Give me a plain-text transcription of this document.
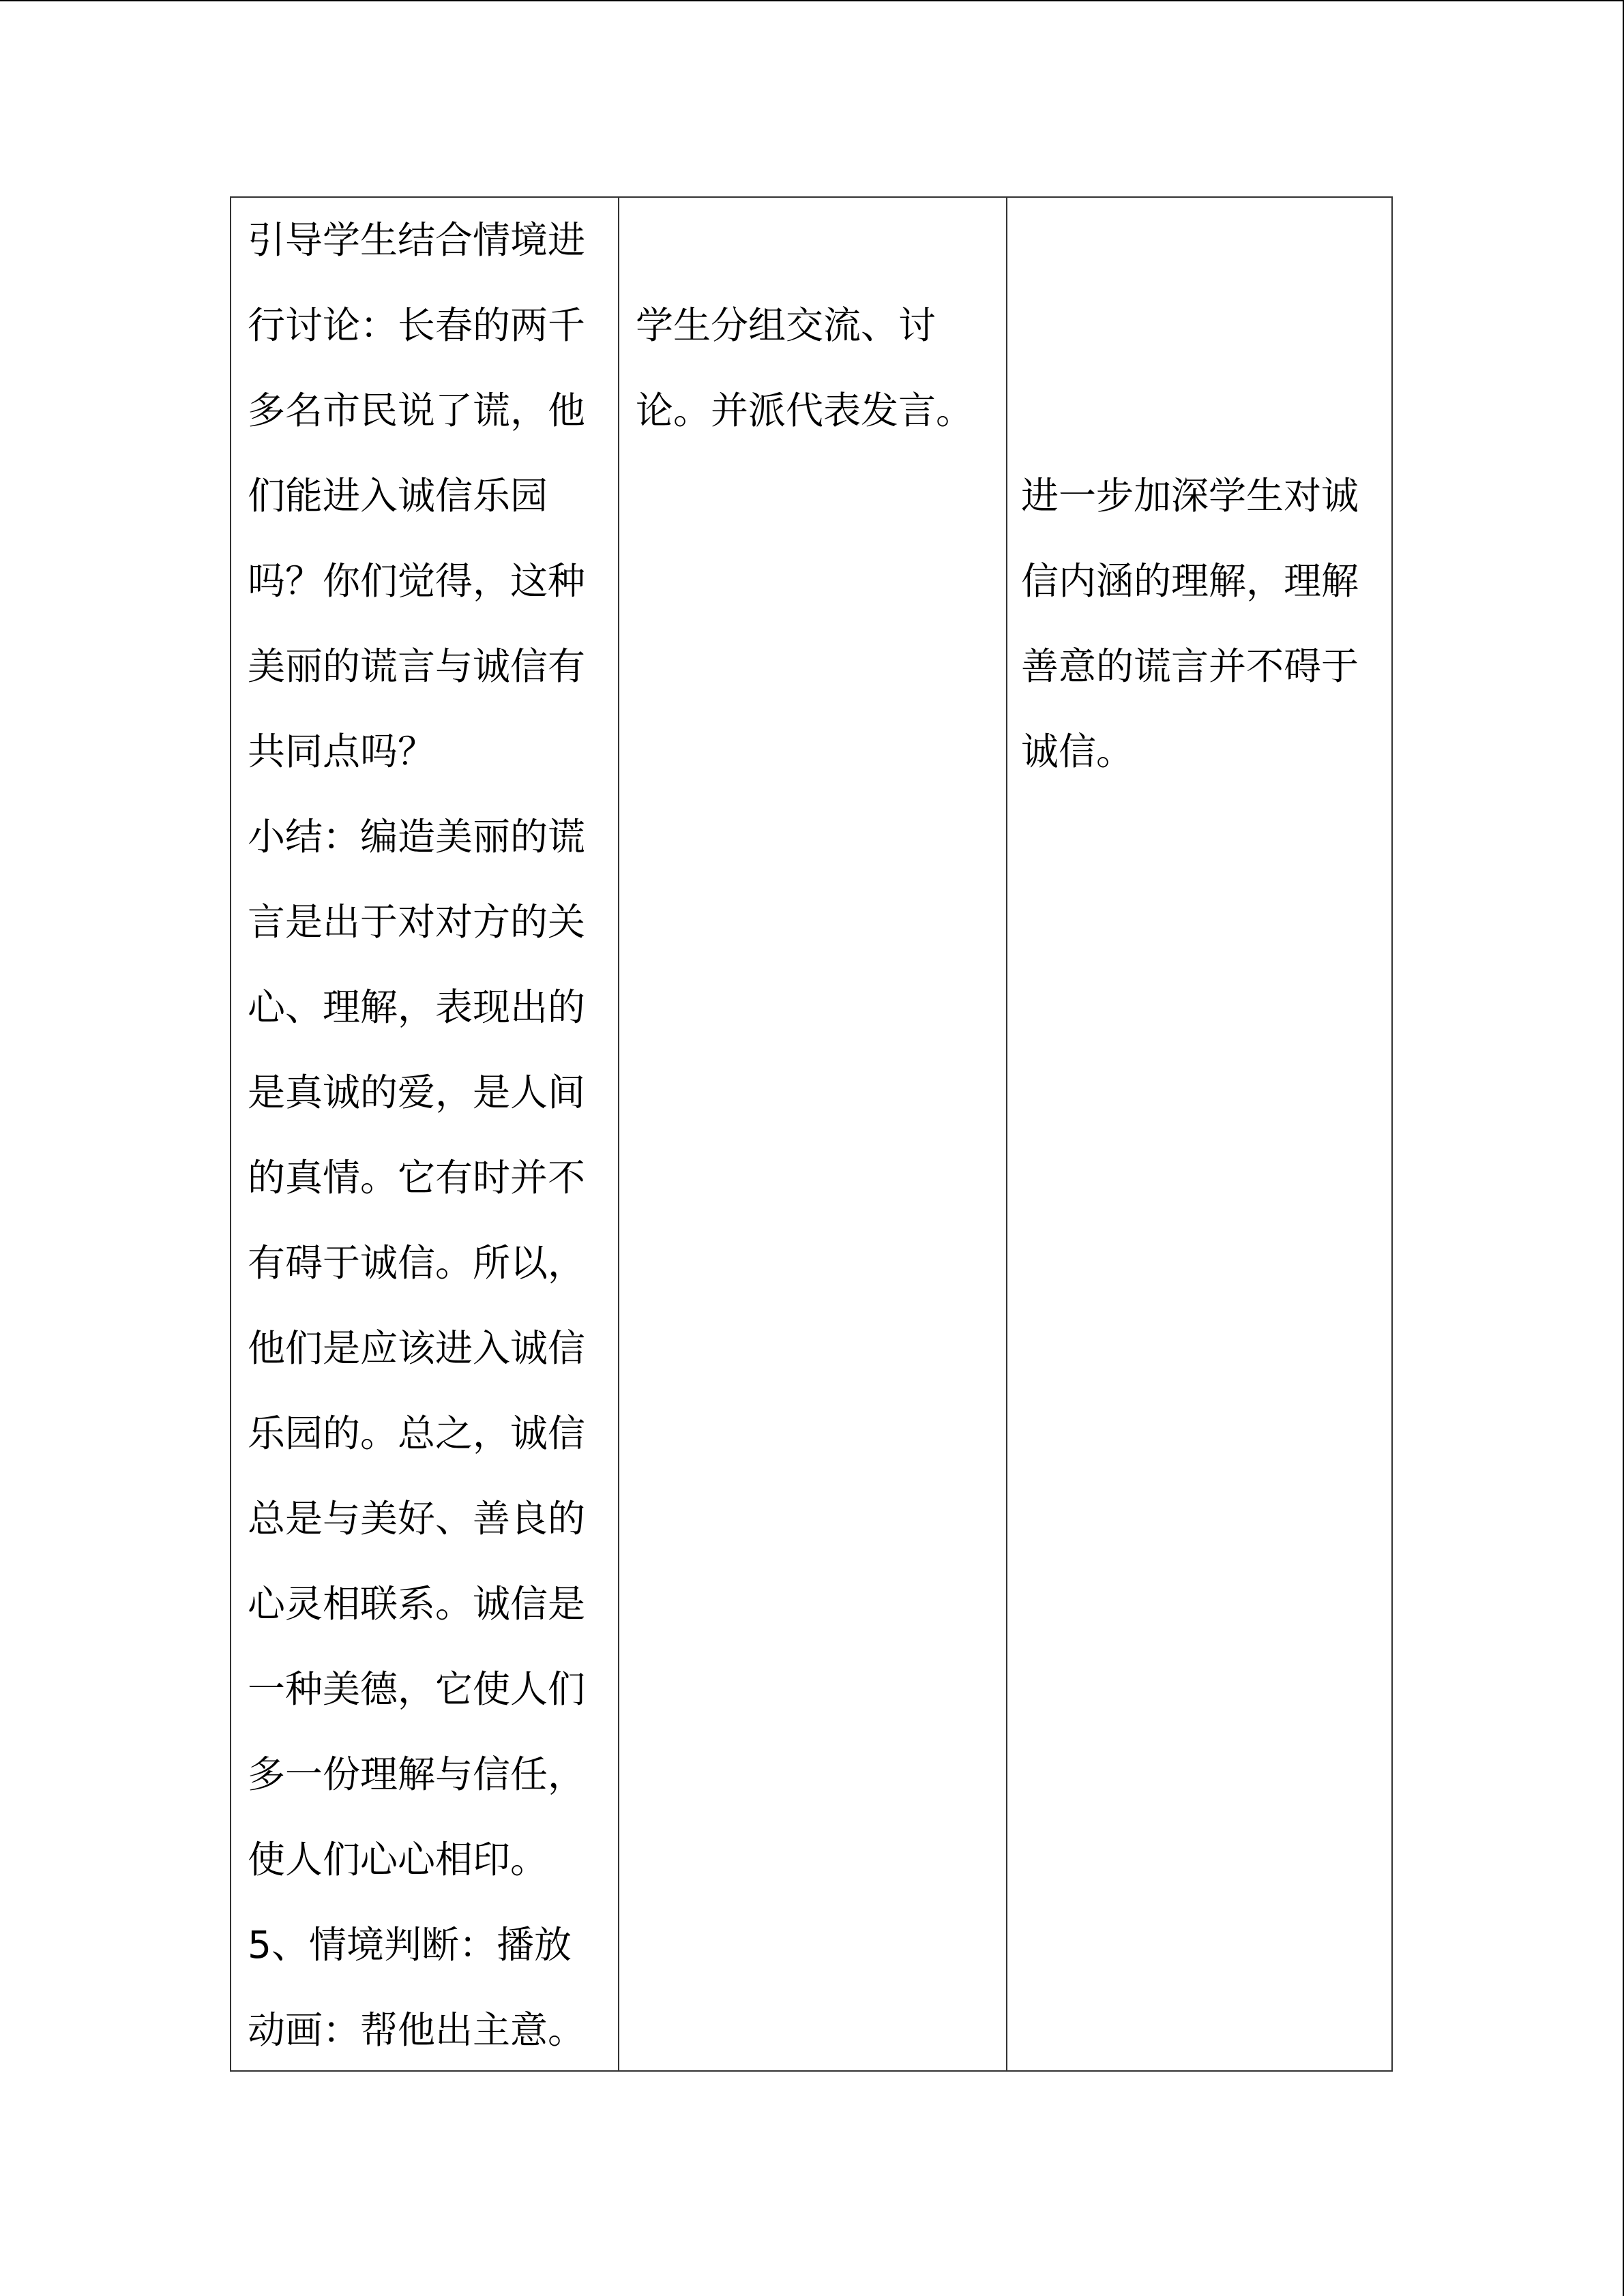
引导学生结合情境进
行讨论：长春的两千
多名市民说了谎，他
们能进入诚信乐园
吗？你们觉得，这种
美丽的谎言与诚信有
共同点吗？
小结：编造美丽的谎
言是出于对对方的关
心、理解，表现出的
是真诚的爱，是人间
的真情。它有时并不
有碍于诚信。所以，
他们是应该进入诚信
乐园的。总之，诚信
总是与美好、善良的
心灵相联系。诚信是
一种美德，它使人们
多一份理解与信任，
使人们心心相印。
5、情境判断：播放
动画：帮他出主意。
学生分组交流、讨
论。并派代表发言。
进一步加深学生对诚
信内涵的理解，理解
善意的谎言并不碍于
诚信。
